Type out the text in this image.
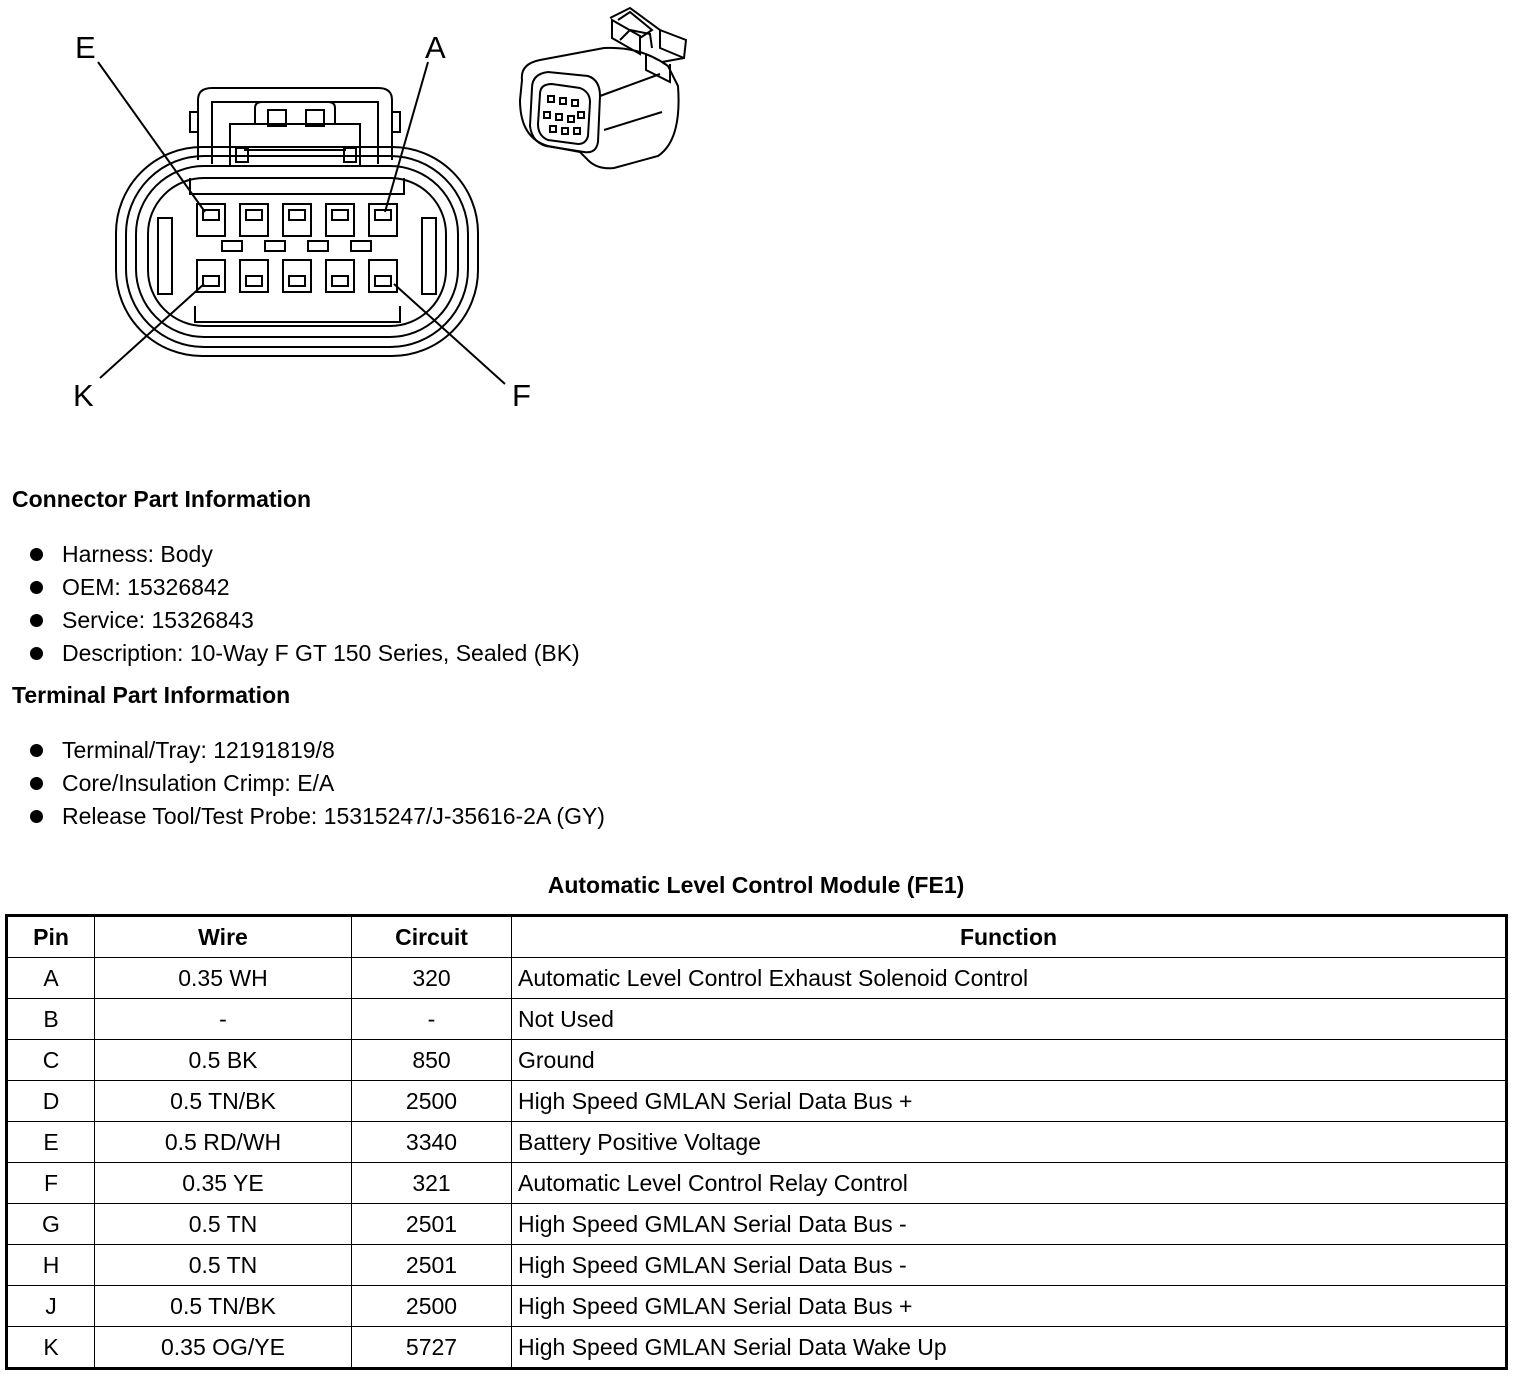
E	A
K	F
Connector Part Information
Harness: Body
OEM: 15326842
Service: 15326843
Description: 10-Way F GT 150 Series, Sealed (BK)
Terminal Part Information
Terminal/Tray: 12191819/8
Core/Insulation Crimp: E/A
Release Tool/Test Probe: 15315247/J-35616-2A (GY)
Automatic Level Control Module (FE1)
Pin	Wire	Circuit	Function
A	0.35 WH	320	Automatic Level Control Exhaust Solenoid Control
B	-	-	Not Used
C	0.5 BK	850	Ground
D	0.5 TN/BK	2500	High Speed GMLAN Serial Data Bus +
E	0.5 RD/WH	3340	Battery Positive Voltage
F	0.35 YE	321	Automatic Level Control Relay Control
G	0.5 TN	2501	High Speed GMLAN Serial Data Bus -
H	0.5 TN	2501	High Speed GMLAN Serial Data Bus -
J	0.5 TN/BK	2500	High Speed GMLAN Serial Data Bus +
K	0.35 OG/YE	5727	High Speed GMLAN Serial Data Wake Up
